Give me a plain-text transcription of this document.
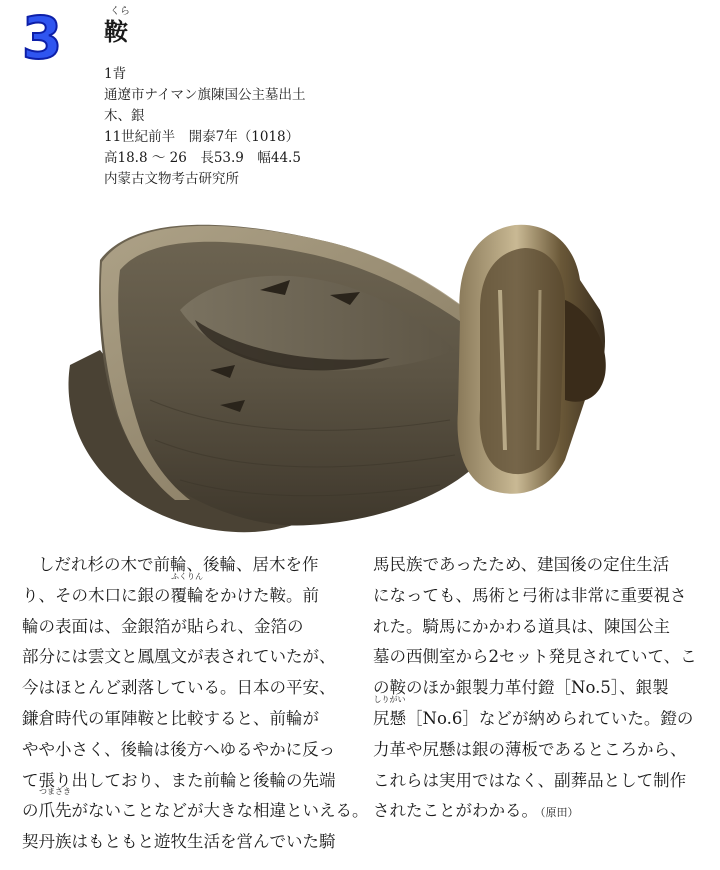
3	くら
鞍
1背
通遼市ナイマン旗陳国公主墓出土
木、銀
11世紀前半　開泰7年（1018）
高18.8 ～ 26　長53.9　幅44.5
内蒙古文物考古研究所
しだれ杉の木で前輪、後輪、居木を作
り、その木口に銀の
ふくりん
覆輪をかけた鞍。前
輪の表面は、金銀箔が貼られ、金箔の
部分には雲文と鳳凰文が表されていたが、
今はほとんど剥落している。日本の平安、
鎌倉時代の軍陣鞍と比較すると、前輪が
やや小さく、後輪は後方へゆるやかに反っ
て張り出しており、また前輪と後輪の先端
の
つまさき
爪先がないことなどが大きな相違といえる。
契丹族はもともと遊牧生活を営んでいた騎
馬民族であったため、建国後の定住生活
になっても、馬術と弓術は非常に重要視さ
れた。騎馬にかかわる道具は、陳国公主
墓の西側室から2セット発見されていて、こ
の鞍のほか銀製力革付鐙［No.5］、銀製
しりがい
尻懸［No.6］などが納められていた。鐙の
力革や尻懸は銀の薄板であるところから、
これらは実用ではなく、副葬品として制作
されたことがわかる。 （原田）
